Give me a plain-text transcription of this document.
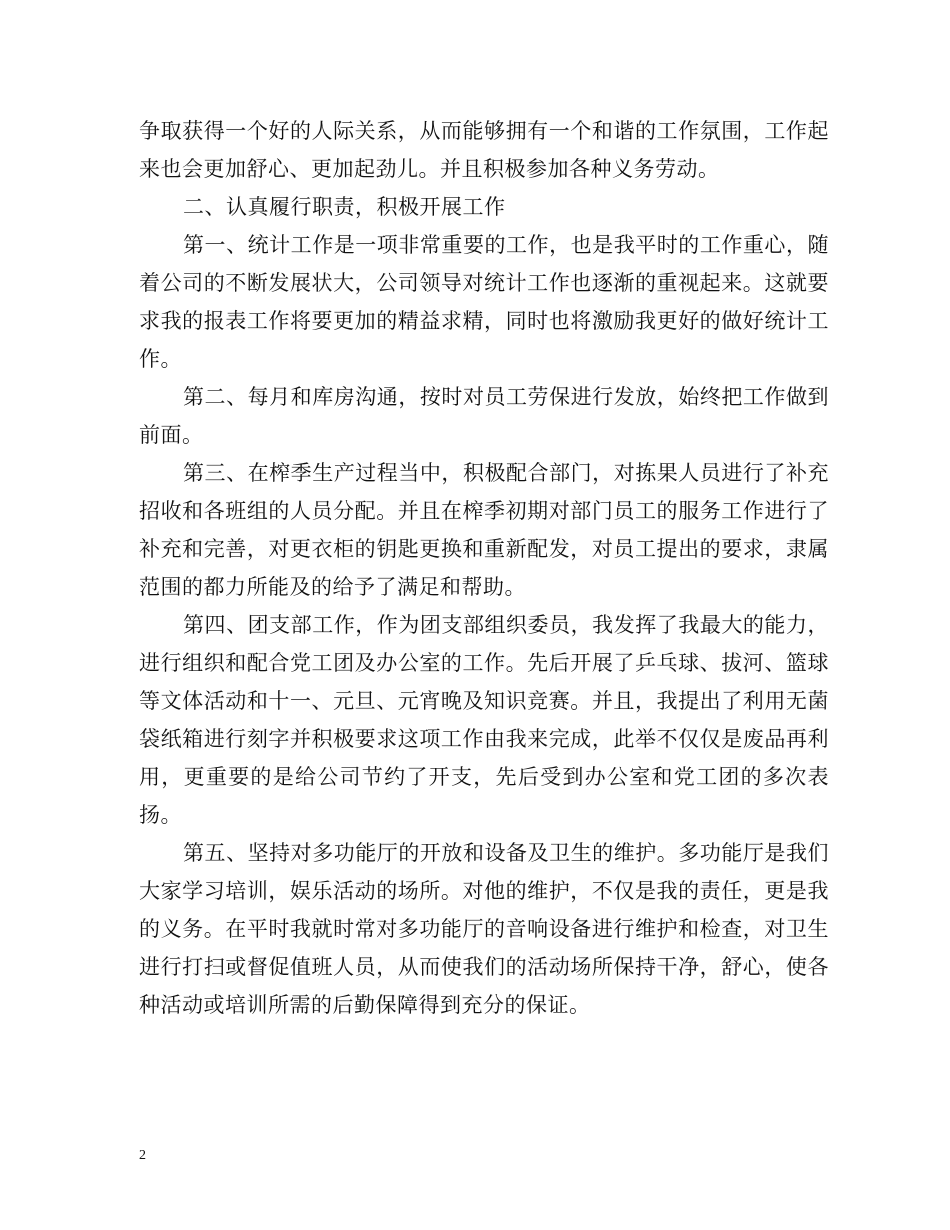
争取获得一个好的人际关系，从而能够拥有一个和谐的工作氛围，工作起来也会更加舒心、更加起劲儿。并且积极参加各种义务劳动。

二、认真履行职责，积极开展工作

第一、统计工作是一项非常重要的工作，也是我平时的工作重心，随着公司的不断发展状大，公司领导对统计工作也逐渐的重视起来。这就要求我的报表工作将要更加的精益求精，同时也将激励我更好的做好统计工作。

第二、每月和库房沟通，按时对员工劳保进行发放，始终把工作做到前面。

第三、在榨季生产过程当中，积极配合部门，对拣果人员进行了补充招收和各班组的人员分配。并且在榨季初期对部门员工的服务工作进行了补充和完善，对更衣柜的钥匙更换和重新配发，对员工提出的要求，隶属范围的都力所能及的给予了满足和帮助。

第四、团支部工作，作为团支部组织委员，我发挥了我最大的能力，进行组织和配合党工团及办公室的工作。先后开展了乒乓球、拔河、篮球等文体活动和十一、元旦、元宵晚及知识竞赛。并且，我提出了利用无菌袋纸箱进行刻字并积极要求这项工作由我来完成，此举不仅仅是废品再利用，更重要的是给公司节约了开支，先后受到办公室和党工团的多次表扬。

第五、坚持对多功能厅的开放和设备及卫生的维护。多功能厅是我们大家学习培训，娱乐活动的场所。对他的维护，不仅是我的责任，更是我的义务。在平时我就时常对多功能厅的音响设备进行维护和检查，对卫生进行打扫或督促值班人员，从而使我们的活动场所保持干净，舒心，使各种活动或培训所需的后勤保障得到充分的保证。

2
